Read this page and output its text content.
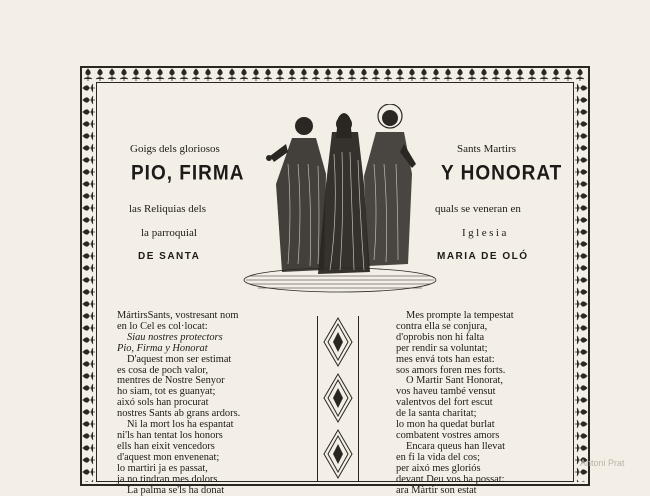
Goigs dels gloriosos
PIO, FIRMA
las Reliquias dels
la parroquial
DE SANTA
Sants Martirs
Y HONORAT
quals se veneran en
Iglesia
MARIA DE OLÓ
MártirsSants, vostresant nom
en lo Cel es col·locat:
Siau nostres protectors
Pio, Firma y Honorat
D'aquest mon ser estimat
es cosa de poch valor,
mentres de Nostre Senyor
ho siam, tot es guanyat;
aixó sols han procurat
nostres Sants ab grans ardors.
Ni la mort los ha espantat
ni'ls han tentat los honors
ells han eixit vencedors
d'aquest mon envenenat;
lo martiri ja es passat,
ja no tindran mes dolors
La palma se'ls ha donat
Mes prompte la tempestat
contra ella se conjura,
d'oprobis non hi falta
per rendir sa voluntat;
mes envá tots han estat:
sos amors foren mes forts.
O Martir Sant Honorat,
vos haveu també vensut
valentvos del fort escut
de la santa charitat;
lo mon ha quedat burlat
combatent vostres amors
Encara queus han llevat
en fi la vida del cos;
per aixó mes gloriós
devant Deu vos ha possat:
ara Màrtir son estat
Antoni Prat
